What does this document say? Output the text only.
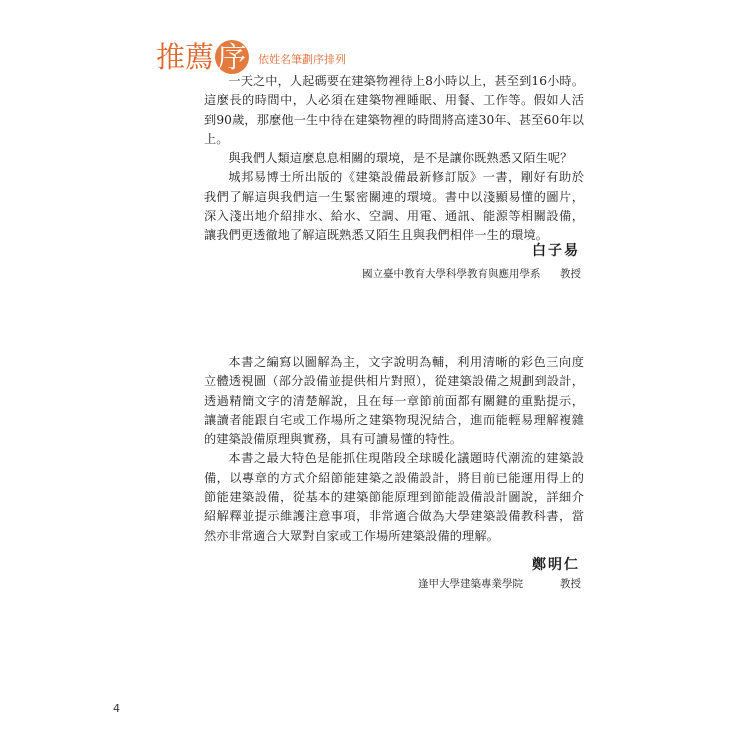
推薦 序 依姓名筆劃序排列

一天之中，人起碼要在建築物裡待上8小時以上，甚至到16小時。這麼長的時間中，人必須在建築物裡睡眠、用餐、工作等。假如人活到90歲，那麼他一生中待在建築物裡的時間將高達30年、甚至60年以上。

與我們人類這麼息息相關的環境，是不是讓你既熟悉又陌生呢？

城邦易博士所出版的《建築設備最新修訂版》一書，剛好有助於我們了解這與我們這一生緊密關連的環境。書中以淺顯易懂的圖片，深入淺出地介紹排水、給水、空調、用電、通訊、能源等相關設備，讓我們更透徹地了解這既熟悉又陌生且與我們相伴一生的環境。

白子易
國立臺中教育大學科學教育與應用學系 教授

本書之編寫以圖解為主，文字說明為輔，利用清晰的彩色三向度立體透視圖（部分設備並提供相片對照），從建築設備之規劃到設計，透過精簡文字的清楚解說，且在每一章節前面都有關鍵的重點提示，讓讀者能跟自宅或工作場所之建築物現況結合，進而能輕易理解複雜的建築設備原理與實務，具有可讀易懂的特性。

本書之最大特色是能抓住現階段全球暖化議題時代潮流的建築設備，以專章的方式介紹節能建築之設備設計，將目前已能運用得上的節能建築設備，從基本的建築節能原理到節能設備設計圖說，詳細介紹解釋並提示維護注意事項，非常適合做為大學建築設備教科書，當然亦非常適合大眾對自家或工作場所建築設備的理解。

鄭明仁
逢甲大學建築專業學院	教授
4
